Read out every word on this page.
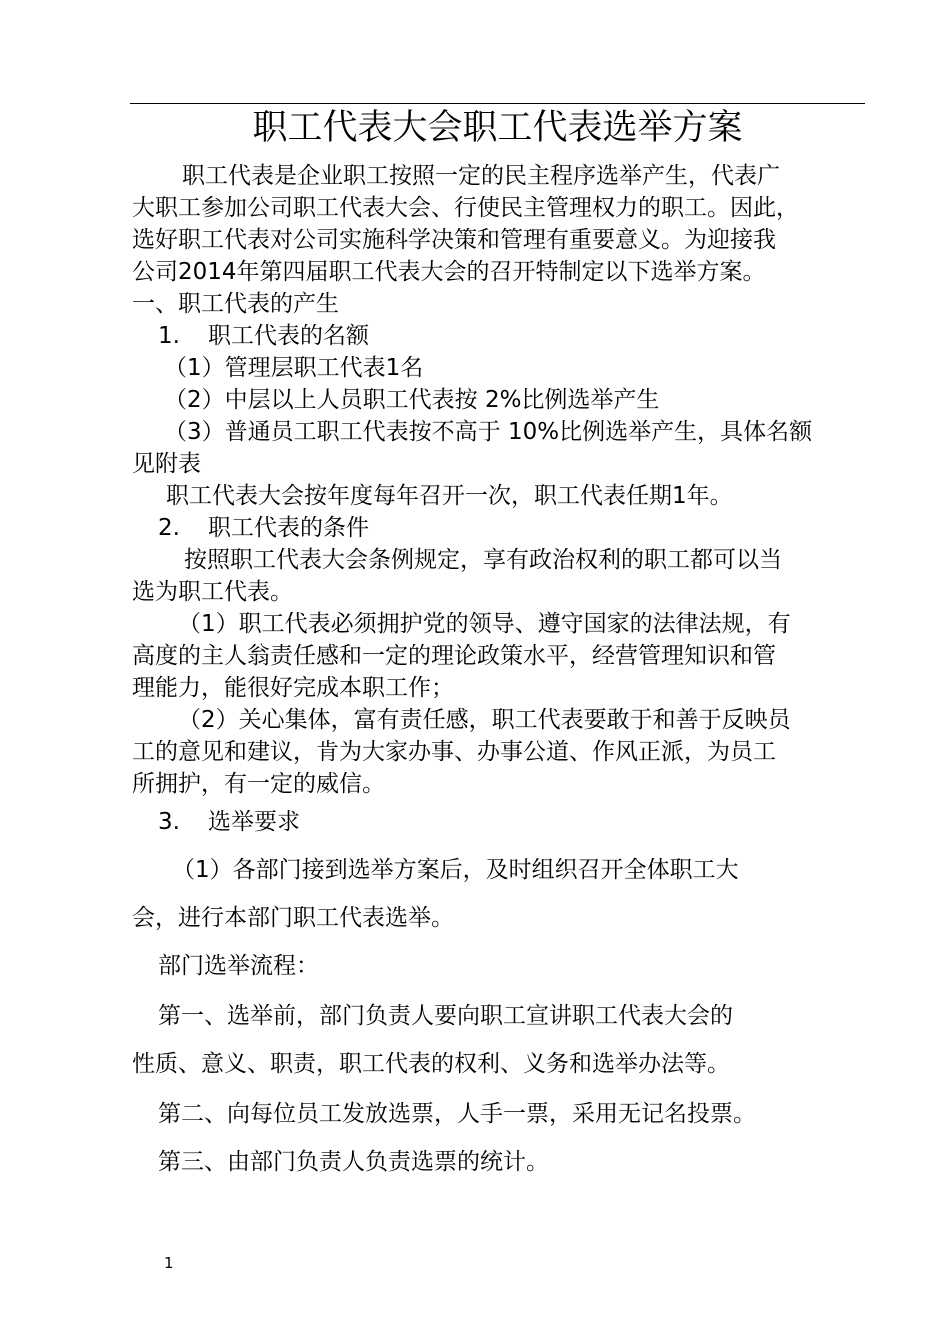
职工代表大会职工代表选举方案

职工代表是企业职工按照一定的民主程序选举产生，代表广

大职工参加公司职工代表大会、行使民主管理权力的职工。因此，

选好职工代表对公司实施科学决策和管理有重要意义。为迎接我

公司2014年第四届职工代表大会的召开特制定以下选举方案。

一、职工代表的产生

1. 职工代表的名额

（1）管理层职工代表1名

（2）中层以上人员职工代表按 2%比例选举产生

（3）普通员工职工代表按不高于 10%比例选举产生，具体名额

见附表

职工代表大会按年度每年召开一次，职工代表任期1年。

2. 职工代表的条件

按照职工代表大会条例规定，享有政治权利的职工都可以当

选为职工代表。

（1）职工代表必须拥护党的领导、遵守国家的法律法规，有

高度的主人翁责任感和一定的理论政策水平，经营管理知识和管

理能力，能很好完成本职工作；

（2）关心集体，富有责任感，职工代表要敢于和善于反映员

工的意见和建议，肯为大家办事、办事公道、作风正派，为员工

所拥护，有一定的威信。

3. 选举要求

（1）各部门接到选举方案后，及时组织召开全体职工大

会，进行本部门职工代表选举。

部门选举流程：

第一、选举前，部门负责人要向职工宣讲职工代表大会的

性质、意义、职责，职工代表的权利、义务和选举办法等。

第二、向每位员工发放选票，人手一票，采用无记名投票。

第三、由部门负责人负责选票的统计。

1
